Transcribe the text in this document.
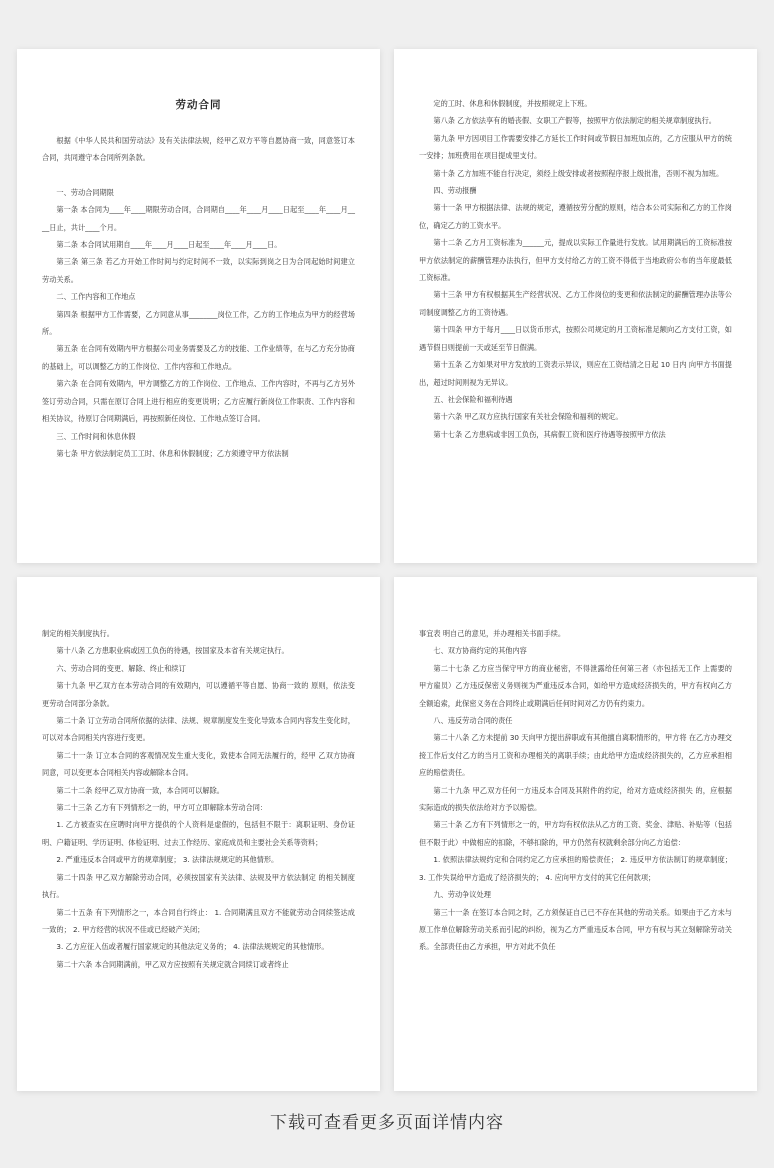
劳动合同

根据《中华人民共和国劳动法》及有关法律法规，经甲乙双方平等自愿协商一致，同意签订本合同，共同遵守本合同所列条款。

一、劳动合同期限

第一条 本合同为____年____期限劳动合同，合同期自____年____月____日起至____年____月____日止，共计____个月。

第二条 本合同试用期自____年____月____日起至____年____月____日。

第三条 第三条 若乙方开始工作时间与约定时间不一致，以实际到岗之日为合同起始时间建立劳动关系。

二、工作内容和工作地点

第四条 根据甲方工作需要，乙方同意从事________岗位工作，乙方的工作地点为甲方的经营场所。

第五条 在合同有效期内甲方根据公司业务需要及乙方的技能、工作业绩等，在与乙方充分协商的基础上，可以调整乙方的工作岗位、工作内容和工作地点。

第六条 在合同有效期内，甲方调整乙方的工作岗位、工作地点、工作内容时，不再与乙方另外签订劳动合同，只需在原订合同上进行相应的变更说明；乙方应履行新岗位工作职责、工作内容和相关协议，待原订合同期满后，再按照新任岗位、工作地点签订合同。

三、工作时间和休息休假

第七条 甲方依法制定员工工时、休息和休假制度；乙方须遵守甲方依法制

定的工时、休息和休假制度，并按照规定上下班。

第八条 乙方依法享有的婚丧假、女职工产假等，按照甲方依法制定的相关规章制度执行。

第九条 甲方因项目工作需要安排乙方延长工作时间或节假日加班加点的，乙方应服从甲方的统一安排；加班费用在项目提成里支付。

第十条 乙方加班不能自行决定，须经上级安排或者按照程序报上级批准，否则不视为加班。

四、劳动报酬

第十一条 甲方根据法律、法规的规定，遵循按劳分配的原则，结合本公司实际和乙方的工作岗位，确定乙方的工资水平。

第十二条 乙方月工资标准为______元，提成以实际工作量进行发放。试用期满后的工资标准按甲方依法制定的薪酬管理办法执行，但甲方支付给乙方的工资不得低于当地政府公布的当年度最低工资标准。

第十三条 甲方有权根据其生产经营状况、乙方工作岗位的变更和依法制定的薪酬管理办法等公司制度调整乙方的工资待遇。

第十四条 甲方于每月____日以货币形式，按照公司规定的月工资标准足额向乙方支付工资，如遇节假日则提前一天或延至节日假满。

第十五条 乙方如果对甲方发放的工资表示异议，则应在工资结清之日起 10 日内 向甲方书面提出，超过时间则视为无异议。

五、社会保险和福利待遇

第十六条 甲乙双方应执行国家有关社会保险和福利的规定。

第十七条 乙方患病或非因工负伤，其病假工资和医疗待遇等按照甲方依法

制定的相关制度执行。

第十八条 乙方患职业病或因工负伤的待遇，按国家及本省有关规定执行。

六、劳动合同的变更、解除、终止和续订

第十九条 甲乙双方在本劳动合同的有效期内，可以遵循平等自愿、协商一致的 原则，依法变更劳动合同部分条款。

第二十条 订立劳动合同所依据的法律、法规、规章制度发生变化导致本合同内容发生变化时，可以对本合同相关内容进行变更。

第二十一条 订立本合同的客观情况发生重大变化，致使本合同无法履行的，经甲 乙双方协商同意，可以变更本合同相关内容或解除本合同。

第二十二条 经甲乙双方协商一致，本合同可以解除。

第二十三条 乙方有下列情形之一的，甲方可立即解除本劳动合同：

1. 乙方被查实在应聘时向甲方提供的个人资料是虚假的，包括但不限于：离职证明、身份证明、户籍证明、学历证明、体检证明、过去工作经历、家庭成员和主要社会关系等资料；

2. 严重违反本合同或甲方的规章制度； 3. 法律法规规定的其他情形。

第二十四条 甲乙双方解除劳动合同，必须按国家有关法律、法规及甲方依法制定 的相关制度执行。

第二十五条 有下列情形之一，本合同自行终止： 1. 合同期满且双方不能就劳动合同续签达成一致的； 2. 甲方经营的状况不佳或已经破产关闭；

3. 乙方应征入伍或者履行国家规定的其他法定义务的； 4. 法律法规规定的其他情形。

第二十六条 本合同期满前，甲乙双方应按照有关规定就合同续订或者终止

事宜表 明自己的意见，并办理相关书面手续。

七、双方协商约定的其他内容

第二十七条 乙方应当保守甲方的商业秘密，不得泄露给任何第三者（亦包括无工作 上需要的甲方雇员）乙方违反保密义务则视为严重违反本合同，如给甲方造成经济损失的，甲方有权向乙方全额追索，此保密义务在合同终止或期满后任何时间对乙方仍有约束力。

八、违反劳动合同的责任

第二十八条 乙方未提前 30 天向甲方提出辞职或有其他擅自离职情形的，甲方将 在乙方办理交接工作后支付乙方的当月工资和办理相关的离职手续；由此给甲方造成经济损失的，乙方应承担相应的赔偿责任。

第二十九条 甲乙双方任何一方违反本合同及其附件的约定，给对方造成经济损失 的，应根据实际造成的损失依法给对方予以赔偿。

第三十条 乙方有下列情形之一的，甲方均有权依法从乙方的工资、奖金、津贴、补贴等（包括但不限于此）中做相应的扣除，不够扣除的，甲方仍然有权就剩余部分向乙方追偿：

1. 依照法律法规约定和合同约定乙方应承担的赔偿责任； 2. 违反甲方依法制订的规章制度； 3. 工作失误给甲方造成了经济损失的； 4. 应向甲方支付的其它任何款项；

九、劳动争议处理

第三十一条 在签订本合同之时，乙方须保证自己已不存在其他的劳动关系。如果由于乙方未与原工作单位解除劳动关系而引起的纠纷，视为乙方严重违反本合同，甲方有权与其立刻解除劳动关系。全部责任由乙方承担，甲方对此不负任

下载可查看更多页面详情内容
